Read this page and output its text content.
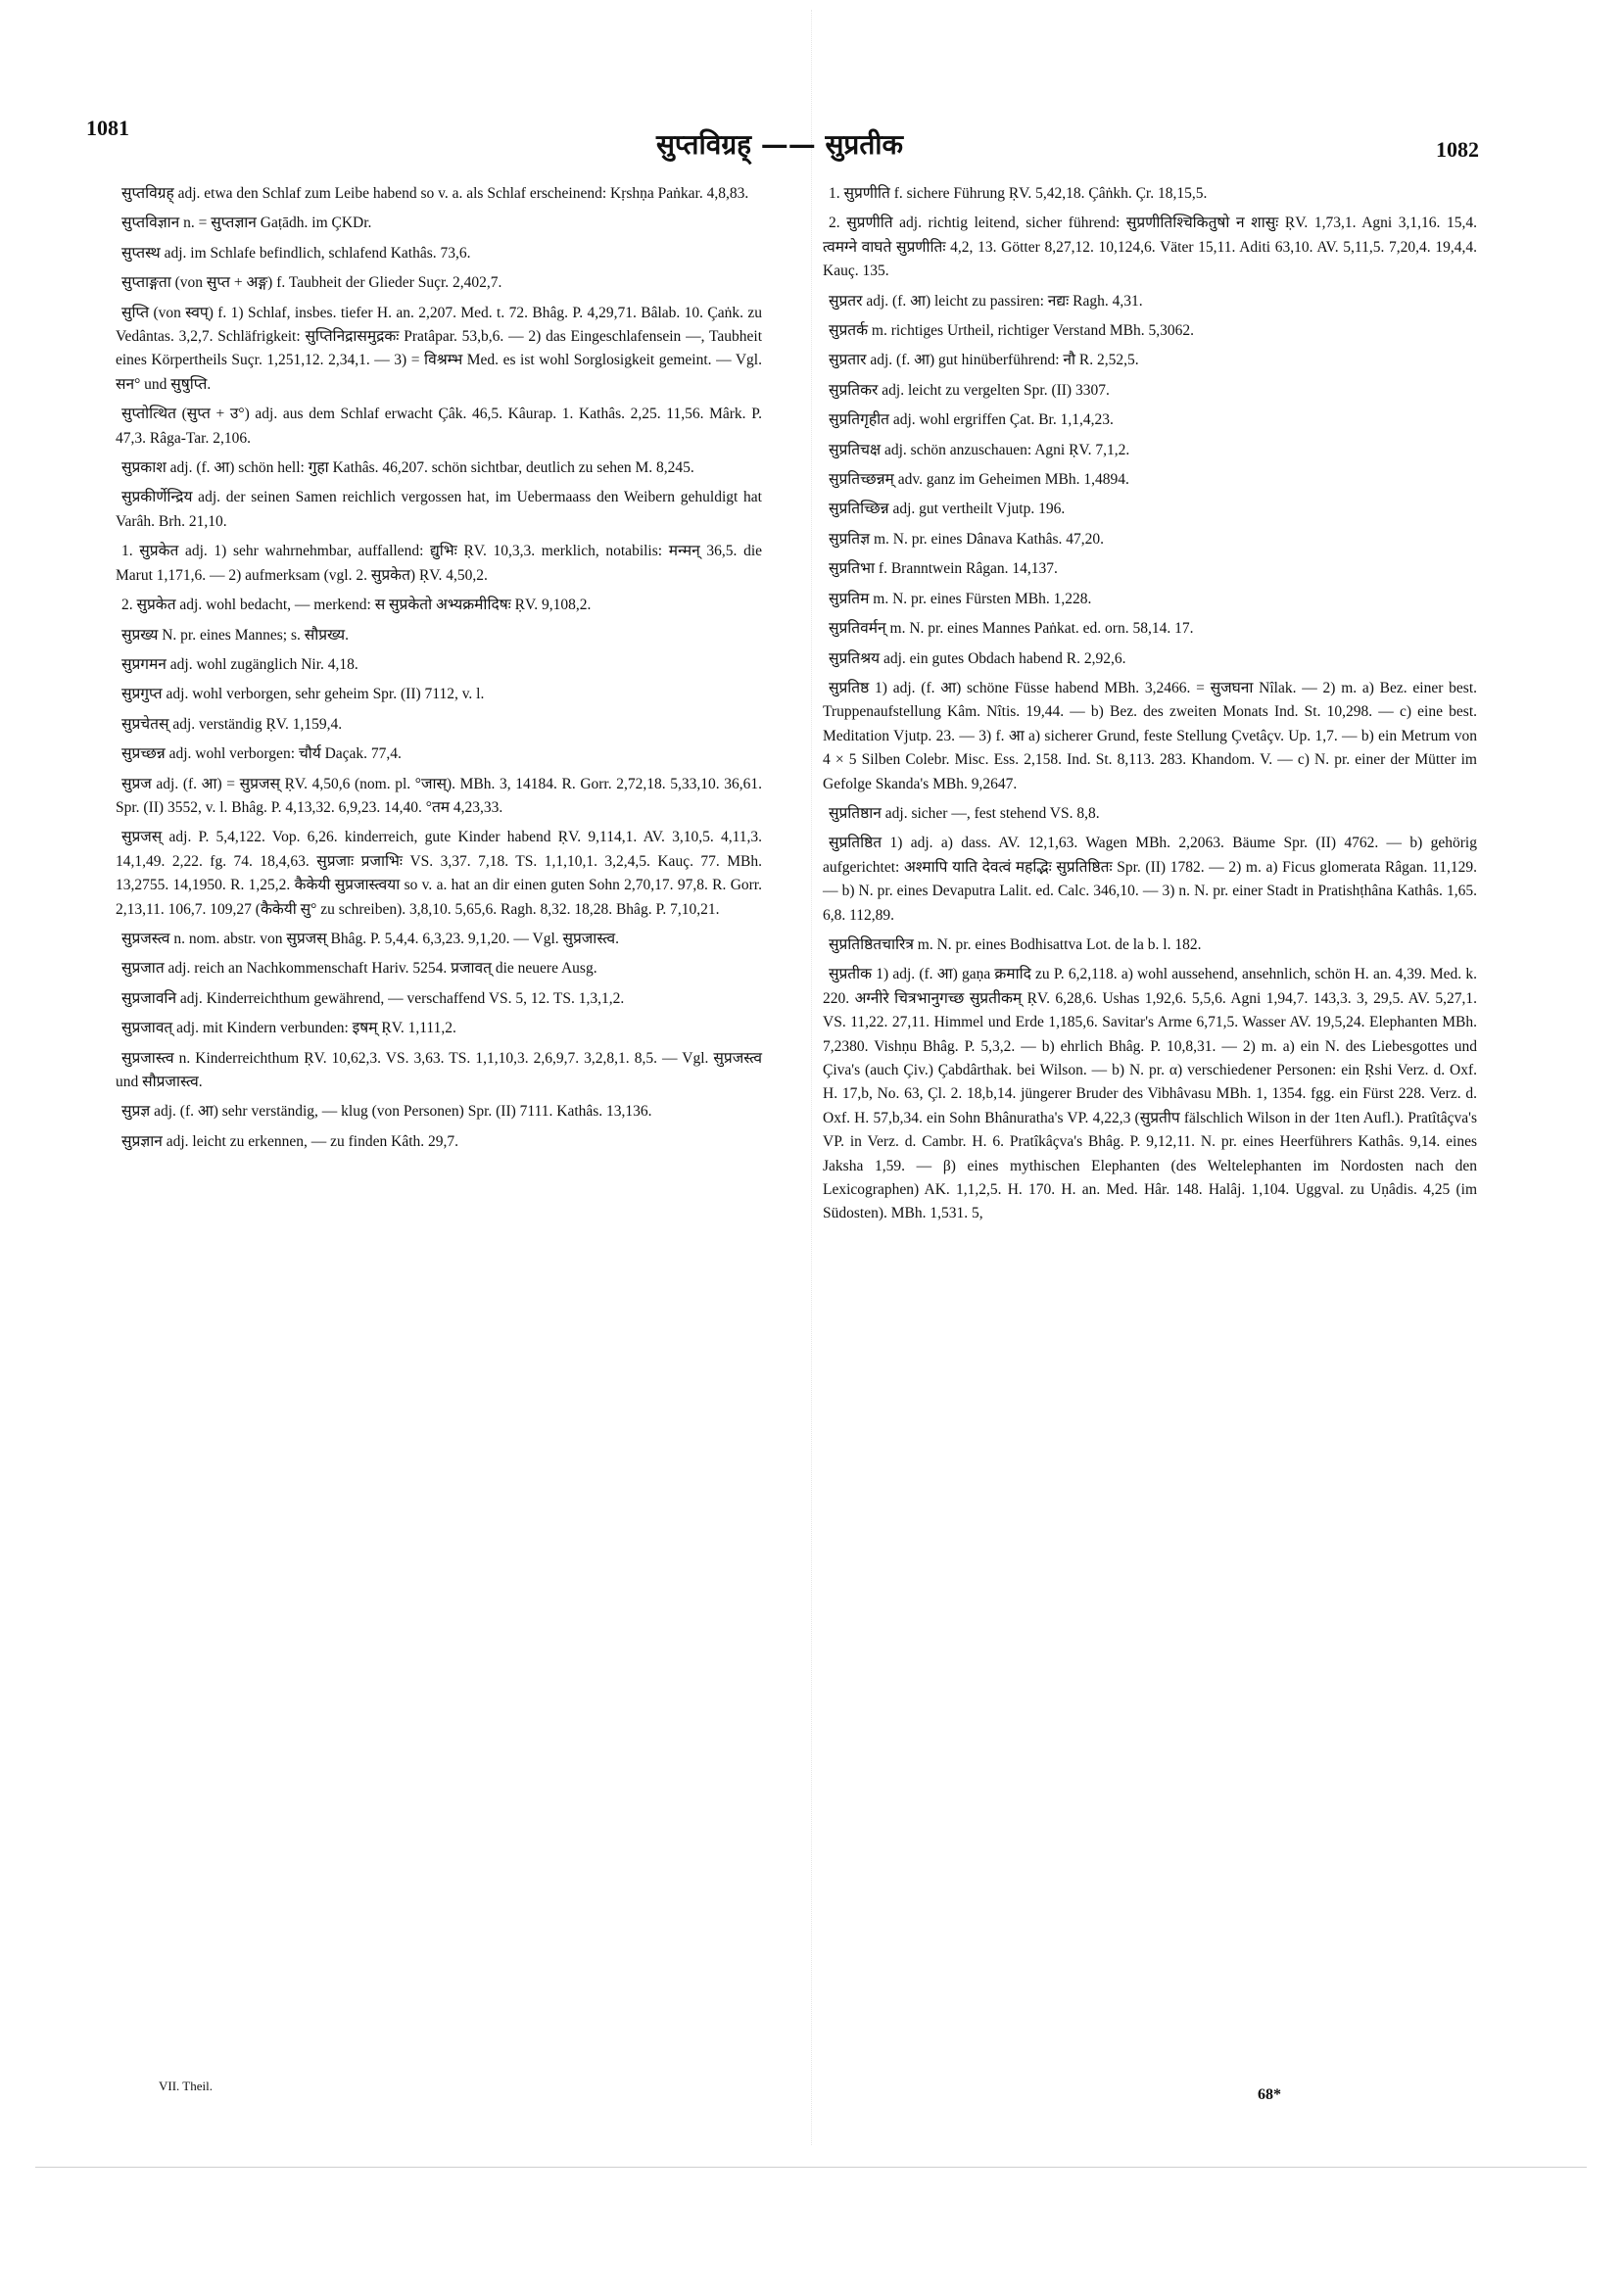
1081
सुप्तविग्रह् —— सुप्रतीक	1082

सुप्तविग्रह् adj. etwa den Schlaf zum Leibe habend so v. a. als Schlaf erscheinend: Kṛshṇa Paṅkar. 4,8,83.

सुप्तविज्ञान n. = सुप्तज्ञान Gaṭādh. im ÇKDr.

सुप्तस्थ adj. im Schlafe befindlich, schlafend Kathâs. 73,6.

सुप्ताङ्गता (von सुप्त + अङ्ग) f. Taubheit der Glieder Suçr. 2,402,7.

सुप्ति (von स्वप्) f. 1) Schlaf, insbes. tiefer H. an. 2,207. Med. t. 72. Bhâg. P. 4,29,71. Bâlab. 10. Çaṅk. zu Vedântas. 3,2,7. Schläfrigkeit: सुप्तिनिद्रासमुद्रकः Pratâpar. 53,b,6. — 2) das Eingeschlafensein —, Taubheit eines Körpertheils Suçr. 1,251,12. 2,34,1. — 3) = विश्रम्भ Med. es ist wohl Sorglosigkeit gemeint. — Vgl. सन° und सुषुप्ति.

सुप्तोत्थित (सुप्त + उ°) adj. aus dem Schlaf erwacht Çâk. 46,5. Kâurap. 1. Kathâs. 2,25. 11,56. Mârk. P. 47,3. Râga-Tar. 2,106.

सुप्रकाश adj. (f. आ) schön hell: गुहा Kathâs. 46,207. schön sichtbar, deutlich zu sehen M. 8,245.

सुप्रकीर्णेन्द्रिय adj. der seinen Samen reichlich vergossen hat, im Uebermaass den Weibern gehuldigt hat Varâh. Brh. 21,10.

1. सुप्रकेत adj. 1) sehr wahrnehmbar, auffallend: द्युभिः ṚV. 10,3,3. merklich, notabilis: मन्मन् 36,5. die Marut 1,171,6. — 2) aufmerksam (vgl. 2. सुप्रकेत) ṚV. 4,50,2.

2. सुप्रकेत adj. wohl bedacht, — merkend: स सुप्रकेतो अभ्यक्रमीदिषः ṚV. 9,108,2.

सुप्रख्य N. pr. eines Mannes; s. सौप्रख्य.

सुप्रगमन adj. wohl zugänglich Nir. 4,18.

सुप्रगुप्त adj. wohl verborgen, sehr geheim Spr. (II) 7112, v. l.

सुप्रचेतस् adj. verständig ṚV. 1,159,4.

सुप्रच्छन्न adj. wohl verborgen: चौर्य Daçak. 77,4.

सुप्रज adj. (f. आ) = सुप्रजस् ṚV. 4,50,6 (nom. pl. °जास्). MBh. 3, 14184. R. Gorr. 2,72,18. 5,33,10. 36,61. Spr. (II) 3552, v. l. Bhâg. P. 4,13,32. 6,9,23. 14,40. °तम 4,23,33.

सुप्रजस् adj. P. 5,4,122. Vop. 6,26. kinderreich, gute Kinder habend ṚV. 9,114,1. AV. 3,10,5. 4,11,3. 14,1,49. 2,22. fg. 74. 18,4,63. सुप्रजाः प्रजाभिः VS. 3,37. 7,18. TS. 1,1,10,1. 3,2,4,5. Kauç. 77. MBh. 13,2755. 14,1950. R. 1,25,2. कैकेयी सुप्रजास्त्वया so v. a. hat an dir einen guten Sohn 2,70,17. 97,8. R. Gorr. 2,13,11. 106,7. 109,27 (कैकेयी सु° zu schreiben). 3,8,10. 5,65,6. Ragh. 8,32. 18,28. Bhâg. P. 7,10,21.

सुप्रजस्त्व n. nom. abstr. von सुप्रजस् Bhâg. P. 5,4,4. 6,3,23. 9,1,20. — Vgl. सुप्रजास्त्व.

सुप्रजात adj. reich an Nachkommenschaft Hariv. 5254. प्रजावत् die neuere Ausg.

सुप्रजावनि adj. Kinderreichthum gewährend, — verschaffend VS. 5, 12. TS. 1,3,1,2.

सुप्रजावत् adj. mit Kindern verbunden: इषम् ṚV. 1,111,2.

सुप्रजास्त्व n. Kinderreichthum ṚV. 10,62,3. VS. 3,63. TS. 1,1,10,3. 2,6,9,7. 3,2,8,1. 8,5. — Vgl. सुप्रजस्त्व und सौप्रजास्त्व.

सुप्रज्ञ adj. (f. आ) sehr verständig, — klug (von Personen) Spr. (II) 7111. Kathâs. 13,136.

सुप्रज्ञान adj. leicht zu erkennen, — zu finden Kâth. 29,7.

1. सुप्रणीति f. sichere Führung ṚV. 5,42,18. Çâṅkh. Çr. 18,15,5.

2. सुप्रणीति adj. richtig leitend, sicher führend: सुप्रणीतिश्चिकितुषो न शासुः ṚV. 1,73,1. Agni 3,1,16. 15,4. त्वमग्ने वाघते सुप्रणीतिः 4,2, 13. Götter 8,27,12. 10,124,6. Väter 15,11. Aditi 63,10. AV. 5,11,5. 7,20,4. 19,4,4. Kauç. 135.

सुप्रतर adj. (f. आ) leicht zu passiren: नद्यः Ragh. 4,31.

सुप्रतर्क m. richtiges Urtheil, richtiger Verstand MBh. 5,3062.

सुप्रतार adj. (f. आ) gut hinüberführend: नौ R. 2,52,5.

सुप्रतिकर adj. leicht zu vergelten Spr. (II) 3307.

सुप्रतिगृहीत adj. wohl ergriffen Çat. Br. 1,1,4,23.

सुप्रतिचक्ष adj. schön anzuschauen: Agni ṚV. 7,1,2.

सुप्रतिच्छन्नम् adv. ganz im Geheimen MBh. 1,4894.

सुप्रतिच्छिन्न adj. gut vertheilt Vjutp. 196.

सुप्रतिज्ञ m. N. pr. eines Dânava Kathâs. 47,20.

सुप्रतिभा f. Branntwein Râgan. 14,137.

सुप्रतिम m. N. pr. eines Fürsten MBh. 1,228.

सुप्रतिवर्मन् m. N. pr. eines Mannes Paṅkat. ed. orn. 58,14. 17.

सुप्रतिश्रय adj. ein gutes Obdach habend R. 2,92,6.

सुप्रतिष्ठ 1) adj. (f. आ) schöne Füsse habend MBh. 3,2466. = सुजघना Nîlak. — 2) m. a) Bez. einer best. Truppenaufstellung Kâm. Nîtis. 19,44. — b) Bez. des zweiten Monats Ind. St. 10,298. — c) eine best. Meditation Vjutp. 23. — 3) f. आ a) sicherer Grund, feste Stellung Çvetâçv. Up. 1,7. — b) ein Metrum von 4 × 5 Silben Colebr. Misc. Ess. 2,158. Ind. St. 8,113. 283. Khandom. V. — c) N. pr. einer der Mütter im Gefolge Skanda's MBh. 9,2647.

सुप्रतिष्ठान adj. sicher —, fest stehend VS. 8,8.

सुप्रतिष्ठित 1) adj. a) dass. AV. 12,1,63. Wagen MBh. 2,2063. Bäume Spr. (II) 4762. — b) gehörig aufgerichtet: अश्मापि याति देवत्वं महद्भिः सुप्रतिष्ठितः Spr. (II) 1782. — 2) m. a) Ficus glomerata Râgan. 11,129. — b) N. pr. eines Devaputra Lalit. ed. Calc. 346,10. — 3) n. N. pr. einer Stadt in Pratishṭhâna Kathâs. 1,65. 6,8. 112,89.

सुप्रतिष्ठितचारित्र m. N. pr. eines Bodhisattva Lot. de la b. l. 182.

सुप्रतीक 1) adj. (f. आ) gaṇa क्रमादि zu P. 6,2,118. a) wohl aussehend, ansehnlich, schön H. an. 4,39. Med. k. 220. अग्नीरे चित्रभानुगच्छ सुप्रतीकम् ṚV. 6,28,6. Ushas 1,92,6. 5,5,6. Agni 1,94,7. 143,3. 3, 29,5. AV. 5,27,1. VS. 11,22. 27,11. Himmel und Erde 1,185,6. Savitar's Arme 6,71,5. Wasser AV. 19,5,24. Elephanten MBh. 7,2380. Vishṇu Bhâg. P. 5,3,2. — b) ehrlich Bhâg. P. 10,8,31. — 2) m. a) ein N. des Liebesgottes und Çiva's (auch Çiv.) Çabdârthak. bei Wilson. — b) N. pr. α) verschiedener Personen: ein Ṛshi Verz. d. Oxf. H. 17,b, No. 63, Çl. 2. 18,b,14. jüngerer Bruder des Vibhâvasu MBh. 1, 1354. fgg. ein Fürst 228. Verz. d. Oxf. H. 57,b,34. ein Sohn Bhânuratha's VP. 4,22,3 (सुप्रतीप fälschlich Wilson in der 1ten Aufl.). Pratîtâçva's VP. in Verz. d. Cambr. H. 6. Pratîkâçva's Bhâg. P. 9,12,11. N. pr. eines Heerführers Kathâs. 9,14. eines Jaksha 1,59. — β) eines mythischen Elephanten (des Weltelephanten im Nordosten nach den Lexicographen) AK. 1,1,2,5. H. 170. H. an. Med. Hâr. 148. Halâj. 1,104. Uggval. zu Uṇâdis. 4,25 (im Südosten). MBh. 1,531. 5,

VII. Theil.
68*
